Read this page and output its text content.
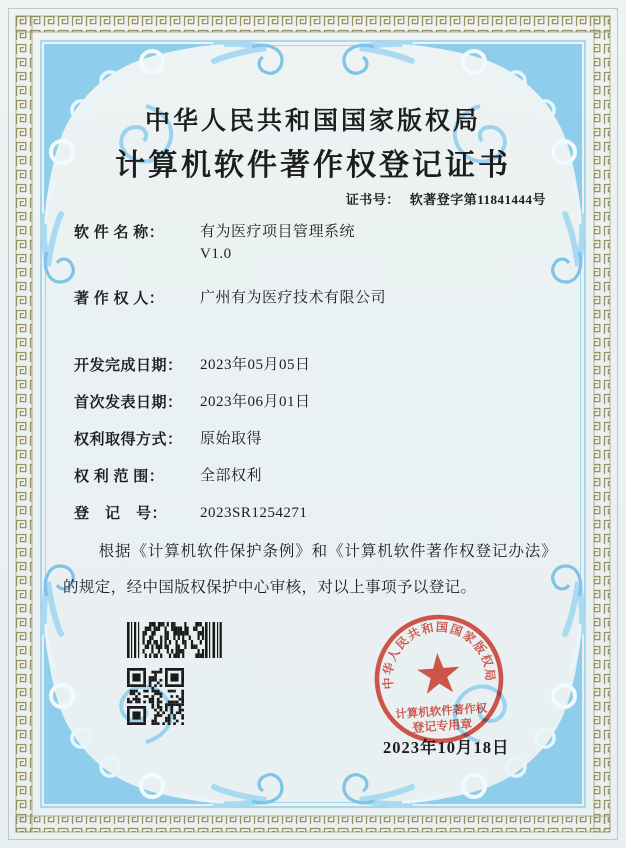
中华人民共和国国家版权局
计算机软件著作权登记证书
证书号： 软著登字第11841444号
软 件 名 称：	有为医疗项目管理系统
V1.0
著 作 权 人：	广州有为医疗技术有限公司
开发完成日期：	2023年05月05日
首次发表日期：	2023年06月01日
权利取得方式：	原始取得
权 利 范 围：	全部权利
登　记　号：	2023SR1254271

根据《计算机软件保护条例》和《计算机软件著作权登记办法》的规定，经中国版权保护中心审核，对以上事项予以登记。

中华人民共和国国家版权局
计算机软件著作权
登记专用章
2023年10月18日
